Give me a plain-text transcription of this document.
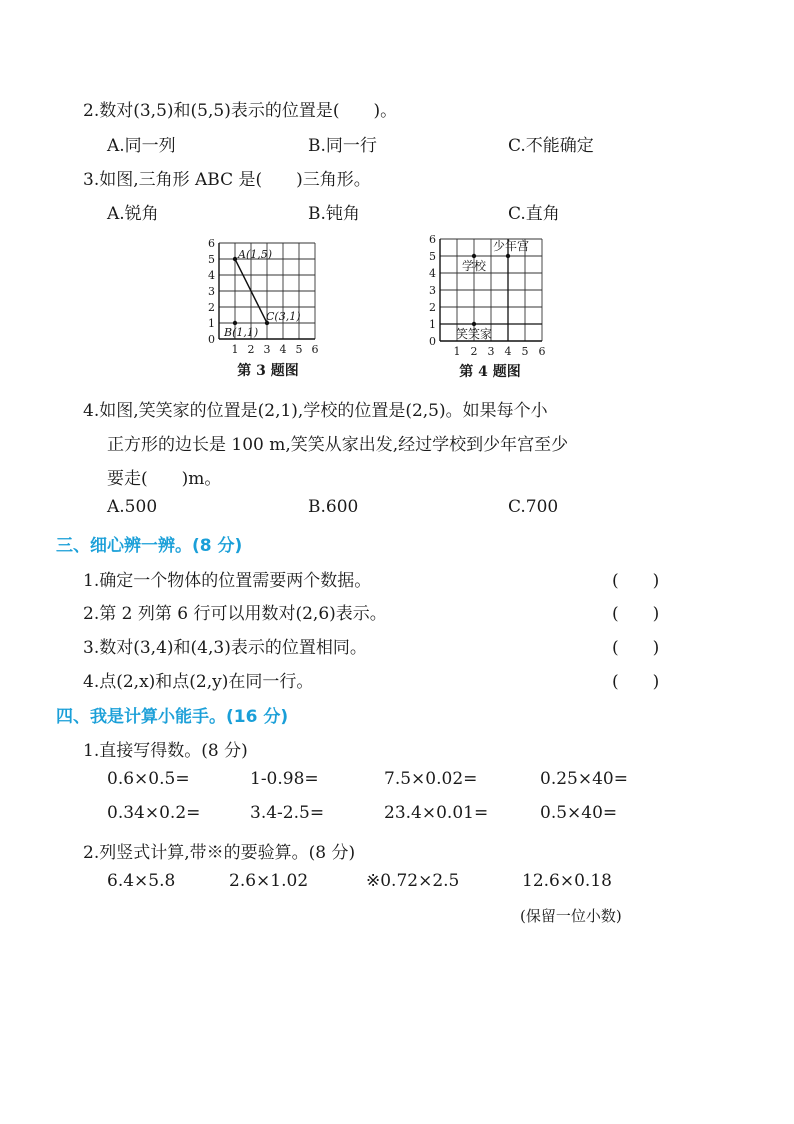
2.数对(3,5)和(5,5)表示的位置是(　　)。
A.同一列	B.同一行	C.不能确定
3.如图,三角形 ABC 是(　　)三角形。
A.锐角	B.钝角	C.直角
0
1
2
3
4
5
6
1 2 3 4 5 6
A(1,5)
B(1,1)
C(3,1)
第 3 题图
0
1
2
3
4
5
6
1 2 3 4 5 6
学校
少年宫
笑笑家
第 4 题图
4.如图,笑笑家的位置是(2,1),学校的位置是(2,5)。如果每个小
正方形的边长是 100 m,笑笑从家出发,经过学校到少年宫至少
要走(　　)m。
A.500	B.600	C.700
三、细心辨一辨。(8 分)
1.确定一个物体的位置需要两个数据。	(　　)
2.第 2 列第 6 行可以用数对(2,6)表示。	(　　)
3.数对(3,4)和(4,3)表示的位置相同。	(　　)
4.点(2,x)和点(2,y)在同一行。	(　　)
四、我是计算小能手。(16 分)
1.直接写得数。(8 分)
0.6×0.5=	1-0.98=	7.5×0.02=	0.25×40=
0.34×0.2=	3.4-2.5=	23.4×0.01=	0.5×40=
2.列竖式计算,带※的要验算。(8 分)
6.4×5.8	2.6×1.02	※0.72×2.5	12.6×0.18
(保留一位小数)
